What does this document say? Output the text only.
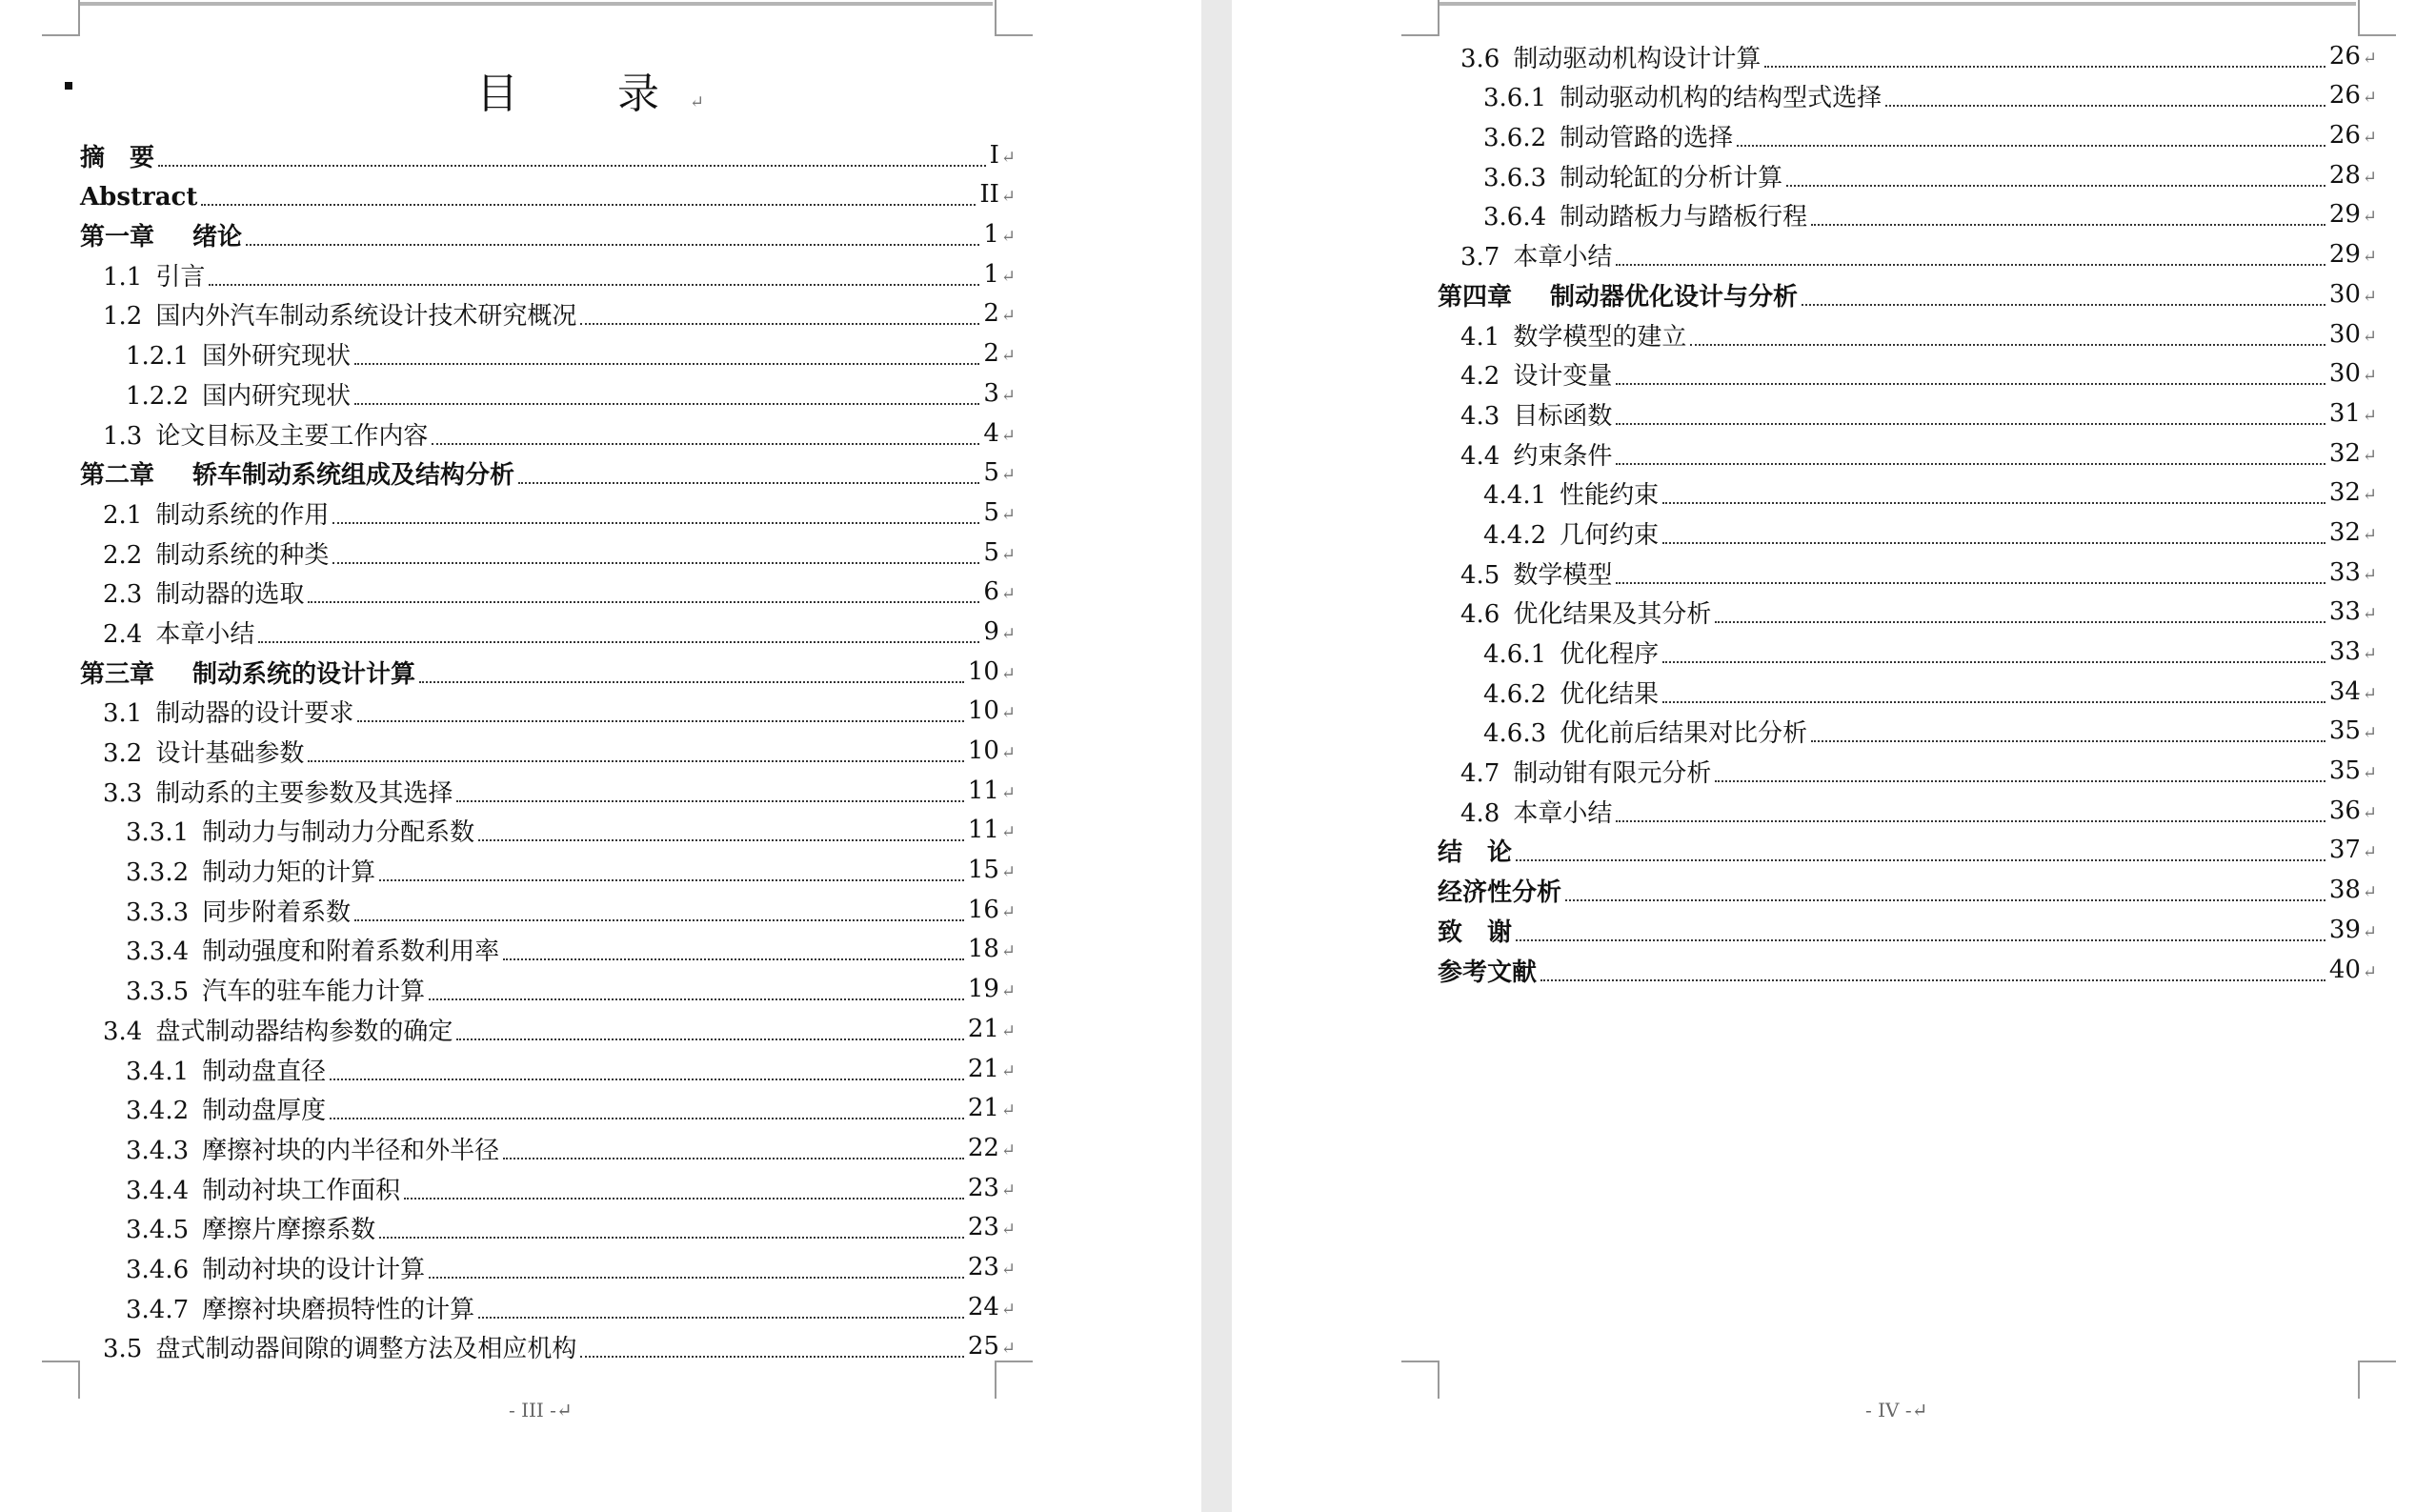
目　录 ↵
摘　要	I ↵
Abstract	II ↵
第一章　绪论	1 ↵
1.1 引言	1 ↵
1.2 国内外汽车制动系统设计技术研究概况	2 ↵
1.2.1 国外研究现状	2 ↵
1.2.2 国内研究现状	3 ↵
1.3 论文目标及主要工作内容	4 ↵
第二章　轿车制动系统组成及结构分析	5 ↵
2.1 制动系统的作用	5 ↵
2.2 制动系统的种类	5 ↵
2.3 制动器的选取	6 ↵
2.4 本章小结	9 ↵
第三章　制动系统的设计计算	10 ↵
3.1 制动器的设计要求	10 ↵
3.2 设计基础参数	10 ↵
3.3 制动系的主要参数及其选择	11 ↵
3.3.1 制动力与制动力分配系数	11 ↵
3.3.2 制动力矩的计算	15 ↵
3.3.3 同步附着系数	16 ↵
3.3.4 制动强度和附着系数利用率	18 ↵
3.3.5 汽车的驻车能力计算	19 ↵
3.4 盘式制动器结构参数的确定	21 ↵
3.4.1 制动盘直径	21 ↵
3.4.2 制动盘厚度	21 ↵
3.4.3 摩擦衬块的内半径和外半径	22 ↵
3.4.4 制动衬块工作面积	23 ↵
3.4.5 摩擦片摩擦系数	23 ↵
3.4.6 制动衬块的设计计算	23 ↵
3.4.7 摩擦衬块磨损特性的计算	24 ↵
3.5 盘式制动器间隙的调整方法及相应机构	25 ↵
- III -↵
3.6 制动驱动机构设计计算	26 ↵
3.6.1 制动驱动机构的结构型式选择	26 ↵
3.6.2 制动管路的选择	26 ↵
3.6.3 制动轮缸的分析计算	28 ↵
3.6.4 制动踏板力与踏板行程	29 ↵
3.7 本章小结	29 ↵
第四章　制动器优化设计与分析	30 ↵
4.1 数学模型的建立	30 ↵
4.2 设计变量	30 ↵
4.3 目标函数	31 ↵
4.4 约束条件	32 ↵
4.4.1 性能约束	32 ↵
4.4.2 几何约束	32 ↵
4.5 数学模型	33 ↵
4.6 优化结果及其分析	33 ↵
4.6.1 优化程序	33 ↵
4.6.2 优化结果	34 ↵
4.6.3 优化前后结果对比分析	35 ↵
4.7 制动钳有限元分析	35 ↵
4.8 本章小结	36 ↵
结　论	37 ↵
经济性分析	38 ↵
致　谢	39 ↵
参考文献	40 ↵
- IV -↵
